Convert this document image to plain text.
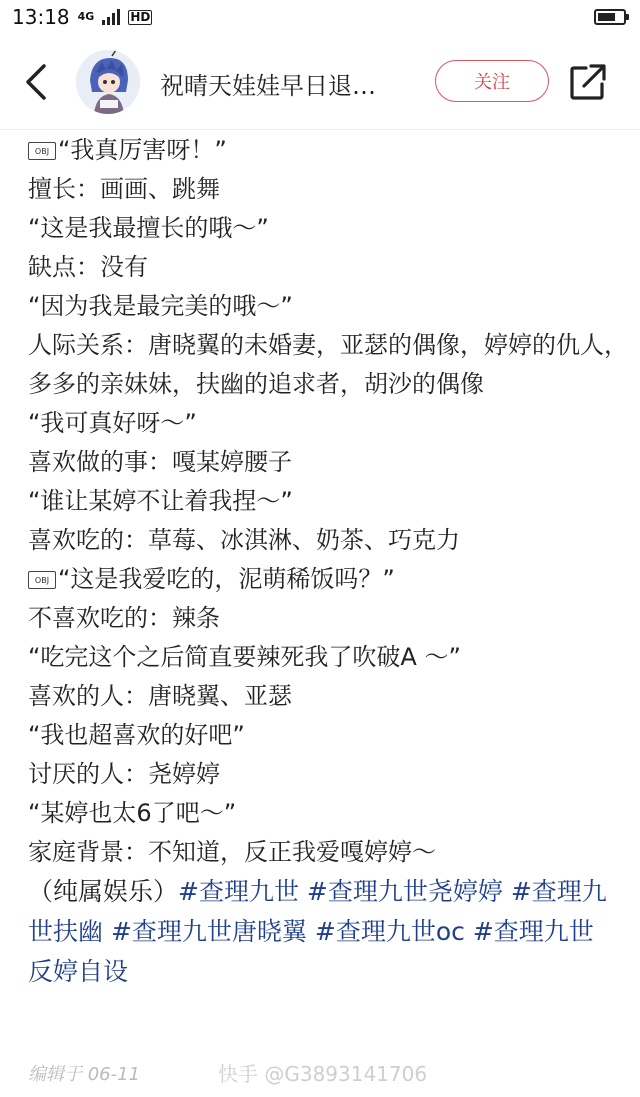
13:18 4G	HD
祝晴天娃娃早日退…	关注
OBJ “我真厉害呀！”
擅长：画画、跳舞
“这是我最擅长的哦～”
缺点：没有
“因为我是最完美的哦～”
人际关系：唐晓翼的未婚妻，亚瑟的偶像，婷婷的仇人，多多的亲妹妹，扶幽的追求者，胡沙的偶像
“我可真好呀～”
喜欢做的事：嘎某婷腰子
“谁让某婷不让着我捏～”
喜欢吃的：草莓、冰淇淋、奶茶、巧克力
OBJ “这是我爱吃的，泥萌稀饭吗？”
不喜欢吃的：辣条
“吃完这个之后简直要辣死我了吹破A ～”
喜欢的人：唐晓翼、亚瑟
“我也超喜欢的好吧”
讨厌的人：尧婷婷
“某婷也太6了吧～”
家庭背景：不知道，反正我爱嘎婷婷～
（纯属娱乐）#查理九世 #查理九世尧婷婷 #查理九世扶幽 #查理九世唐晓翼 #查理九世oc #查理九世反婷自设
编辑于 06-11	快手 @G3893141706
